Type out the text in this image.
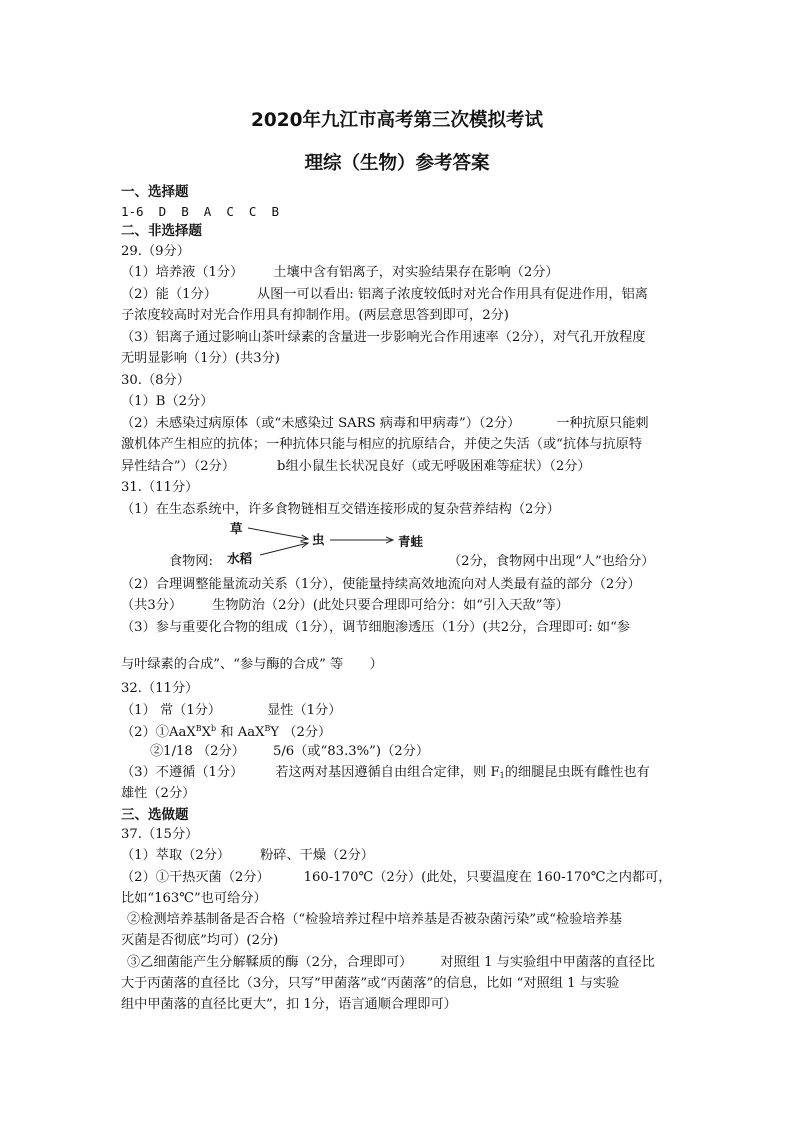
2020年九江市高考第三次模拟考试
理综（生物）参考答案
一、选择题
1-6  D  B  A  C  C  B
二、非选择题
29.（9分）
（1）培养液（1分） 土壤中含有铝离子，对实验结果存在影响（2分）
（2）能（1分）	从图一可以看出: 铝离子浓度较低时对光合作用具有促进作用，铝离
子浓度较高时对光合作用具有抑制作用。(两层意思答到即可，2分)
（3）铝离子通过影响山茶叶绿素的含量进一步影响光合作用速率（2分），对气孔开放程度
无明显影响（1分）(共3分)
30.（8分）
（1）B（2分）
（2）未感染过病原体（或“未感染过 SARS 病毒和甲病毒”）（2分）	一种抗原只能刺
激机体产生相应的抗体；一种抗体只能与相应的抗原结合，并使之失活（或“抗体与抗原特
异性结合”）（2分）	b组小鼠生长状况良好（或无呼吸困难等症状）（2分）
31.（11分）
（1）在生态系统中，许多食物链相互交错连接形成的复杂营养结构（2分）
草
水稻
虫	青蛙
食物网:	（2分，食物网中出现“人”也给分）
（2）合理调整能量流动关系（1分），使能量持续高效地流向对人类最有益的部分（2分）
（共3分） 生物防治（2分）(此处只要合理即可给分：如“引入天敌”等）
（3）参与重要化合物的组成（1分），调节细胞渗透压（1分）(共2分，合理即可: 如“参
与叶绿素的合成”、“参与酶的合成” 等　　）
32.（11分）
（1） 常（1分）	显性（1分）
$(2)①AaX^BX^b$ 和 AaX$^B$Y （2分）
②1/18 （2分） 5/6（或“83.3%”)（2分）
（3）不遵循（1分） 若这两对基因遵循自由组合定律，则 $F_1$的细腿昆虫既有雌性也有
雄性（2分）
三、选做题
37.（15分）
（1）萃取（2分） 粉碎、干燥（2分）
（2）①干热灭菌（2分）	160-170℃（2分）(此处，只要温度在 160-170℃之内都可，
比如“163℃”也可给分）
②检测培养基制备是否合格（“检验培养过程中培养基是否被杂菌污染”或“检验培养基
灭菌是否彻底”均可）(2分)
③乙细菌能产生分解鞣质的酶（2分，合理即可） 对照组 1 与实验组中甲菌落的直径比
大于丙菌落的直径比（3分，只写“甲菌落”或“丙菌落”的信息，比如 “对照组 1 与实验
组中甲菌落的直径比更大”，扣 1分，语言通顺合理即可）
